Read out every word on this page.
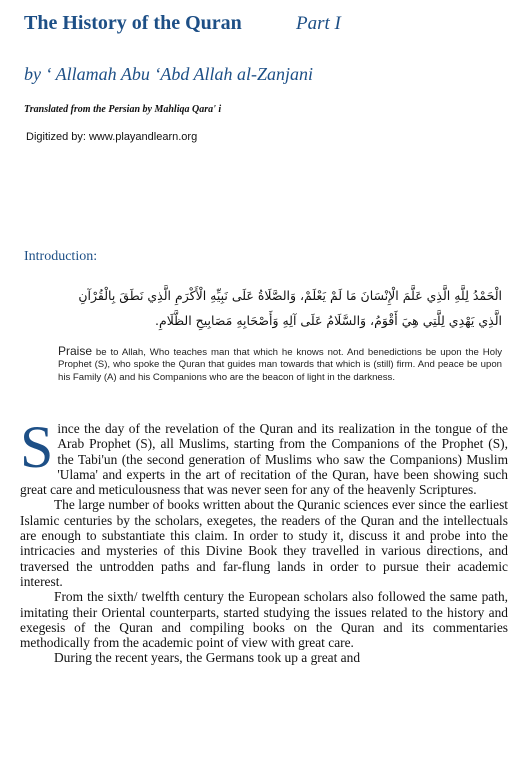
The History of the Quran	Part I
by ‘ Allamah Abu ‘Abd Allah al-Zanjani
Translated from the Persian by Mahliqa Qara' i
Digitized by: www.playandlearn.org
Introduction:
الْحَمْدُ لِلَّهِ الَّذِي عَلَّمَ الْإِنْسَانَ مَا لَمْ يَعْلَمْ، وَالصَّلَاةُ عَلَى نَبِيِّهِ الْأَكْرَمِ الَّذِي نَطَقَ بِالْقُرْآنِ
الَّذِي يَهْدِي لِلَّتِي هِيَ أَقْوَمُ، وَالسَّلَامُ عَلَى آلِهِ وَأَصْحَابِهِ مَصَابِيحِ الظَّلَامِ.
Praise be to Allah, Who teaches man that which he knows not. And benedictions be upon the Holy Prophet (S), who spoke the Quran that guides man towards that which is (still) firm. And peace be upon his Family (A) and his Companions who are the beacon of light in the darkness.

Since the day of the revelation of the Quran and its realization in the tongue of the Arab Prophet (S), all Muslims, starting from the Companions of the Prophet (S), the Tabi'un (the second generation of Muslims who saw the Companions) Muslim 'Ulama' and experts in the art of recitation of the Quran, have been showing such great care and meticulousness that was never seen for any of the heavenly Scriptures.

The large number of books written about the Quranic sciences ever since the earliest Islamic centuries by the scholars, exegetes, the readers of the Quran and the intellectuals are enough to substantiate this claim. In order to study it, discuss it and probe into the intricacies and mysteries of this Divine Book they travelled in various directions, and traversed the untrodden paths and far-flung lands in order to pursue their academic interest.

From the sixth/ twelfth century the European scholars also followed the same path, imitating their Oriental counterparts, started studying the issues related to the history and exegesis of the Quran and compiling books on the Quran and its commentaries methodically from the academic point of view with great care.

During the recent years, the Germans took up a great and
